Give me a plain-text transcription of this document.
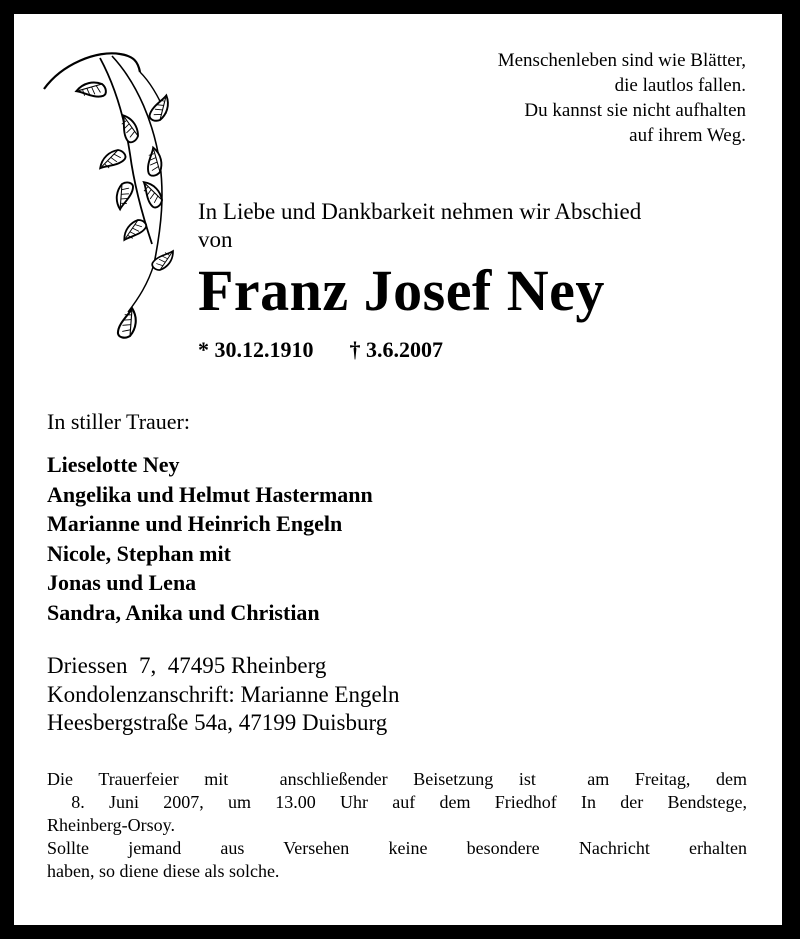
Menschenleben sind wie Blätter,
die lautlos fallen.
Du kannst sie nicht aufhalten
auf ihrem Weg.
In Liebe und Dankbarkeit nehmen wir Abschied
von
Franz Josef Ney
* 30.12.1910 † 3.6.2007
In stiller Trauer:
Lieselotte Ney
Angelika und Helmut Hastermann
Marianne und Heinrich Engeln
Nicole, Stephan mit
Jonas und Lena
Sandra, Anika und Christian
Driessen  7,  47495 Rheinberg
Kondolenzanschrift: Marianne Engeln
Heesbergstraße 54a, 47199 Duisburg
Die Trauerfeier mit  anschließender Beisetzung ist  am Freitag, dem
8. Juni 2007, um 13.00 Uhr auf dem Friedhof In der Bendstege,
Rheinberg-Orsoy.
Sollte jemand aus Versehen keine besondere Nachricht erhalten
haben, so diene diese als solche.
